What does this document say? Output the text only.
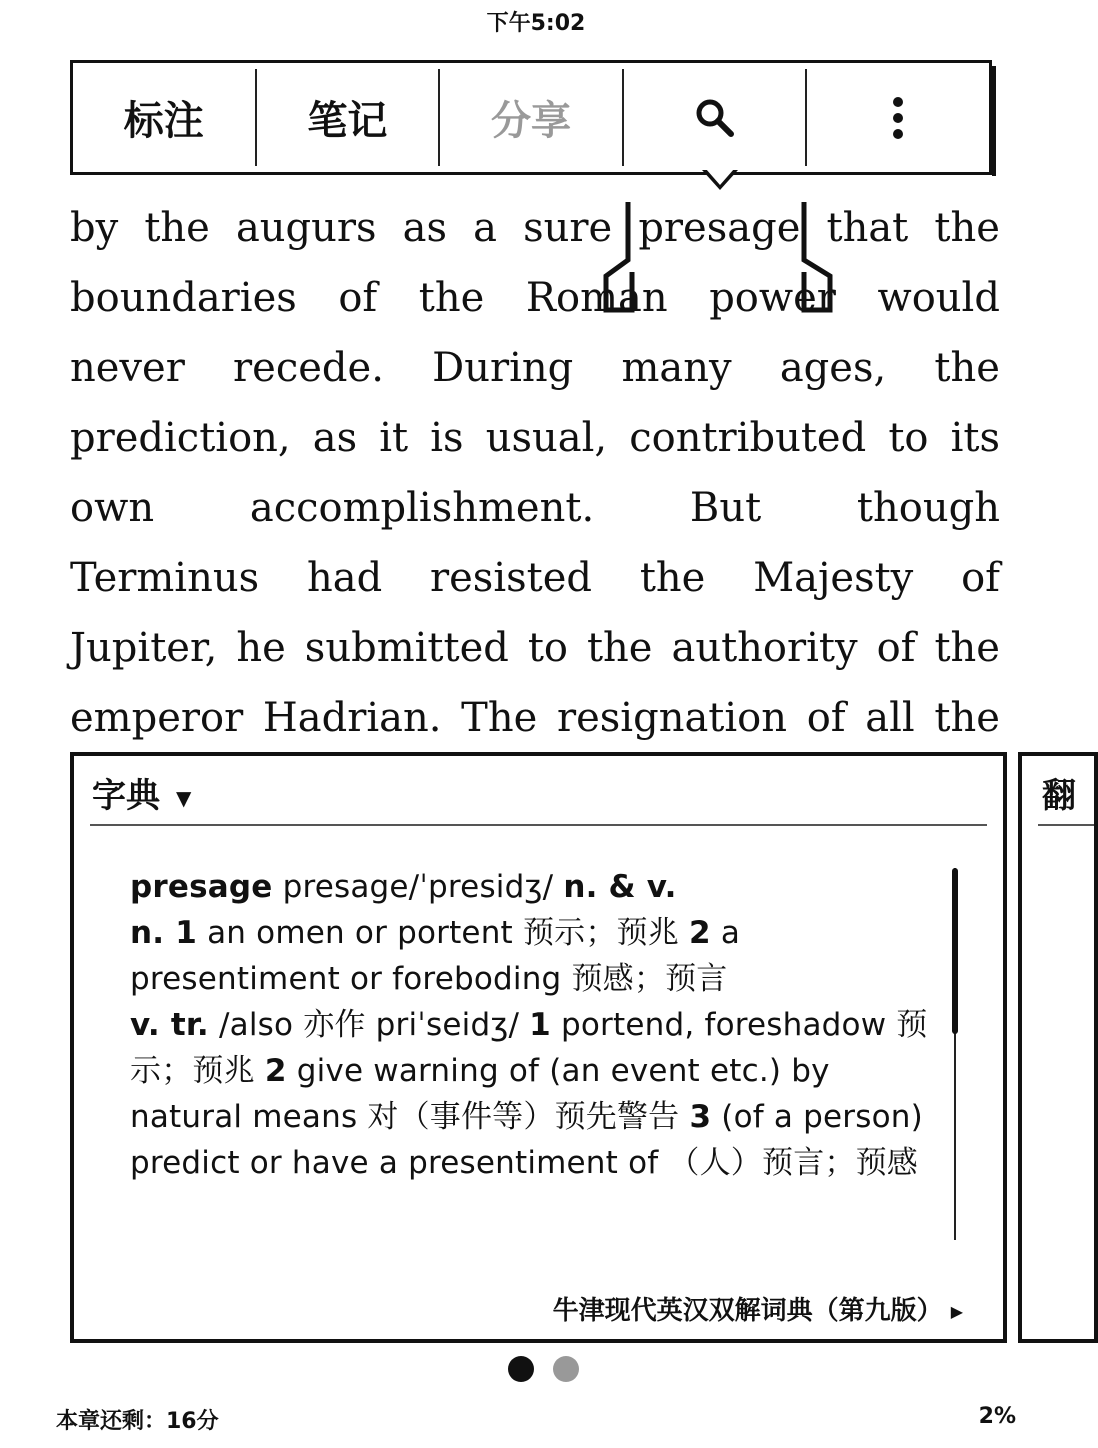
下午5:02
标注	笔记	分享
by the augurs as a sure presage that the
boundaries of the Roman power would
never recede. During many ages, the
prediction, as it is usual, contributed to its
own accomplishment. But though
Terminus had resisted the Majesty of
Jupiter, he submitted to the authority of the
emperor Hadrian. The resignation of all the
字典 ▼
presage presage/ˈpresidʒ/ n. & v.
n. 1 an omen or portent 预示；预兆 2 a presentiment or foreboding 预感；预言
v. tr. /also 亦作 priˈseidʒ/ 1 portend, foreshadow 预示；预兆 2 give warning of (an event etc.) by natural means 对（事件等）预先警告 3 (of a person) predict or have a presentiment of （人）预言；预感
牛津现代英汉双解词典（第九版） ▶
翻
本章还剩：16分	2%
